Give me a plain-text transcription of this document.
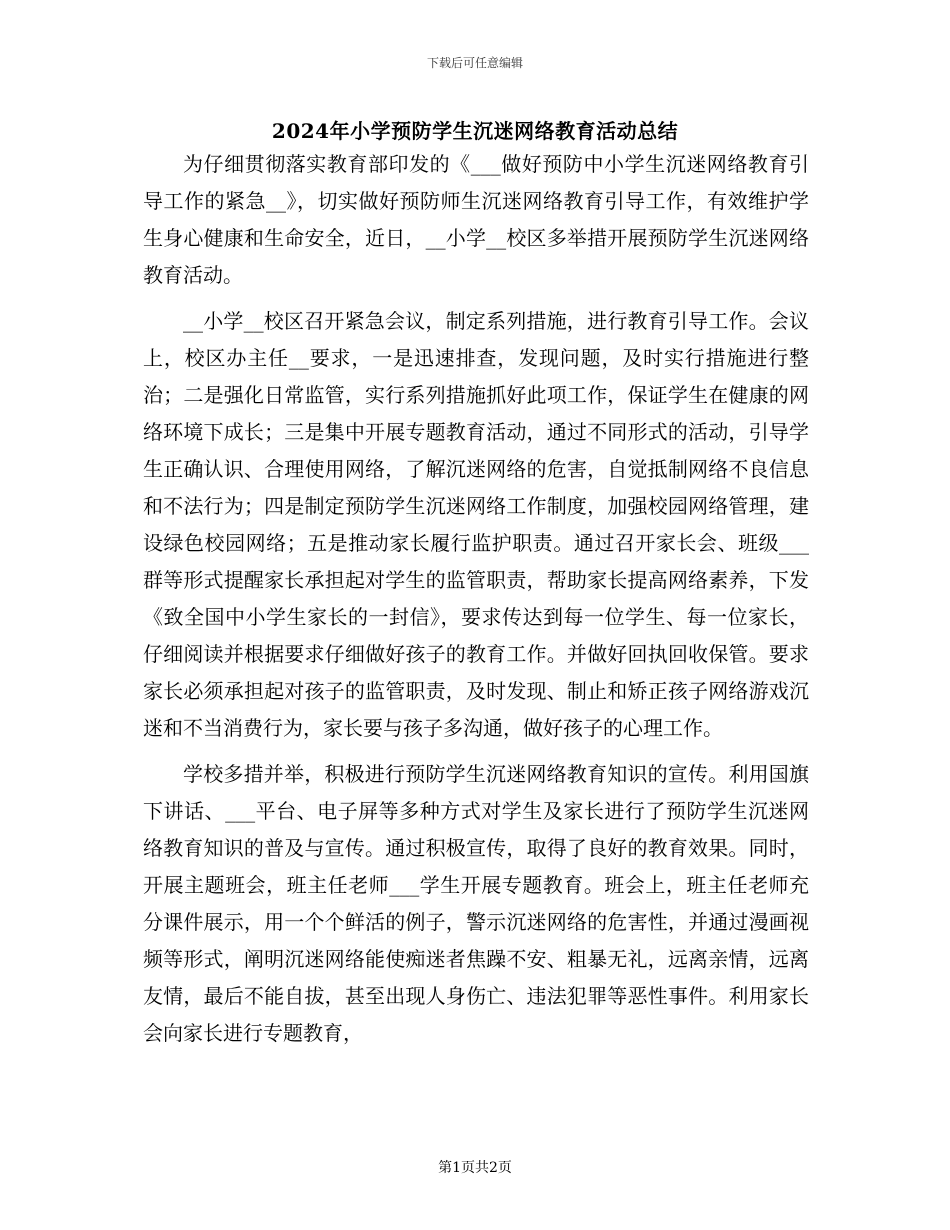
下载后可任意编辑
2024年小学预防学生沉迷网络教育活动总结

为仔细贯彻落实教育部印发的《___做好预防中小学生沉迷网络教育引导工作的紧急__》，切实做好预防师生沉迷网络教育引导工作，有效维护学生身心健康和生命安全，近日，__小学__校区多举措开展预防学生沉迷网络教育活动。

__小学__校区召开紧急会议，制定系列措施，进行教育引导工作。会议上，校区办主任__要求，一是迅速排查，发现问题，及时实行措施进行整治；二是强化日常监管，实行系列措施抓好此项工作，保证学生在健康的网络环境下成长；三是集中开展专题教育活动，通过不同形式的活动，引导学生正确认识、合理使用网络，了解沉迷网络的危害，自觉抵制网络不良信息和不法行为；四是制定预防学生沉迷网络工作制度，加强校园网络管理，建设绿色校园网络；五是推动家长履行监护职责。通过召开家长会、班级___群等形式提醒家长承担起对学生的监管职责，帮助家长提高网络素养，下发《致全国中小学生家长的一封信》，要求传达到每一位学生、每一位家长，仔细阅读并根据要求仔细做好孩子的教育工作。并做好回执回收保管。要求家长必须承担起对孩子的监管职责，及时发现、制止和矫正孩子网络游戏沉迷和不当消费行为，家长要与孩子多沟通，做好孩子的心理工作。

学校多措并举，积极进行预防学生沉迷网络教育知识的宣传。利用国旗下讲话、___平台、电子屏等多种方式对学生及家长进行了预防学生沉迷网络教育知识的普及与宣传。通过积极宣传，取得了良好的教育效果。同时，开展主题班会，班主任老师___学生开展专题教育。班会上，班主任老师充分课件展示，用一个个鲜活的例子，警示沉迷网络的危害性，并通过漫画视频等形式，阐明沉迷网络能使痴迷者焦躁不安、粗暴无礼，远离亲情，远离友情，最后不能自拔，甚至出现人身伤亡、违法犯罪等恶性事件。利用家长会向家长进行专题教育，

第1页共2页
